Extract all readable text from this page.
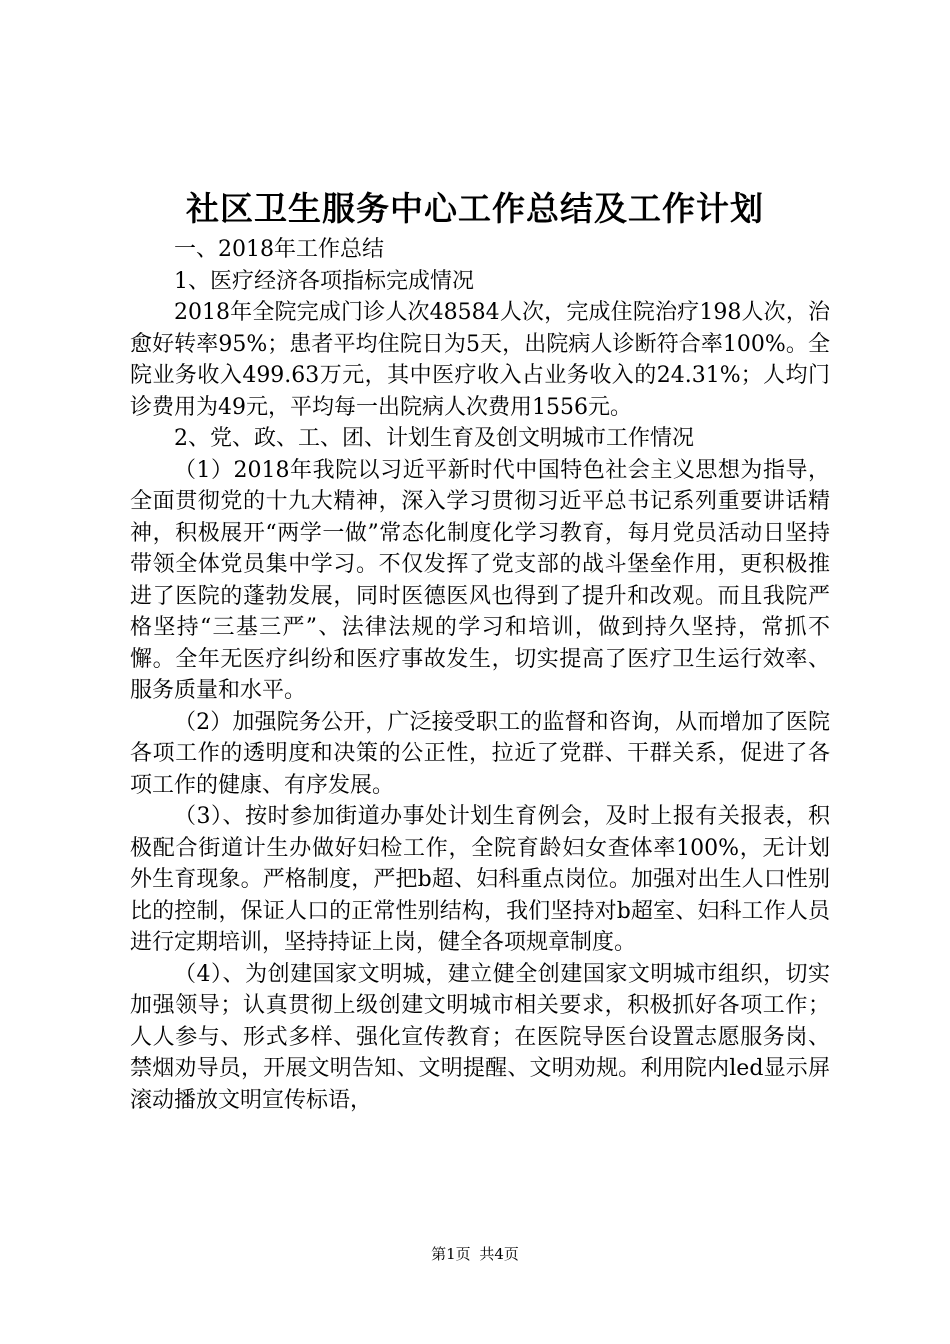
社区卫生服务中心工作总结及工作计划

一、2018年工作总结

1、医疗经济各项指标完成情况

2018年全院完成门诊人次48584人次，完成住院治疗198人次，治愈好转率95%；患者平均住院日为5天，出院病人诊断符合率100%。全院业务收入499.63万元，其中医疗收入占业务收入的24.31%；人均门诊费用为49元，平均每一出院病人次费用1556元。

2、党、政、工、团、计划生育及创文明城市工作情况

（1）2018年我院以习近平新时代中国特色社会主义思想为指导，全面贯彻党的十九大精神，深入学习贯彻习近平总书记系列重要讲话精神，积极展开“两学一做”常态化制度化学习教育，每月党员活动日坚持带领全体党员集中学习。不仅发挥了党支部的战斗堡垒作用，更积极推进了医院的蓬勃发展，同时医德医风也得到了提升和改观。而且我院严格坚持“三基三严”、法律法规的学习和培训，做到持久坚持，常抓不懈。全年无医疗纠纷和医疗事故发生，切实提高了医疗卫生运行效率、服务质量和水平。

（2）加强院务公开，广泛接受职工的监督和咨询，从而增加了医院各项工作的透明度和决策的公正性，拉近了党群、干群关系，促进了各项工作的健康、有序发展。

（3）、按时参加街道办事处计划生育例会，及时上报有关报表，积极配合街道计生办做好妇检工作，全院育龄妇女查体率100%，无计划外生育现象。严格制度，严把b超、妇科重点岗位。加强对出生人口性别比的控制，保证人口的正常性别结构，我们坚持对b超室、妇科工作人员进行定期培训，坚持持证上岗，健全各项规章制度。

（4）、为创建国家文明城，建立健全创建国家文明城市组织，切实加强领导；认真贯彻上级创建文明城市相关要求，积极抓好各项工作；人人参与、形式多样、强化宣传教育；在医院导医台设置志愿服务岗、禁烟劝导员，开展文明告知、文明提醒、文明劝规。利用院内led显示屏滚动播放文明宣传标语，

第1页 共4页
